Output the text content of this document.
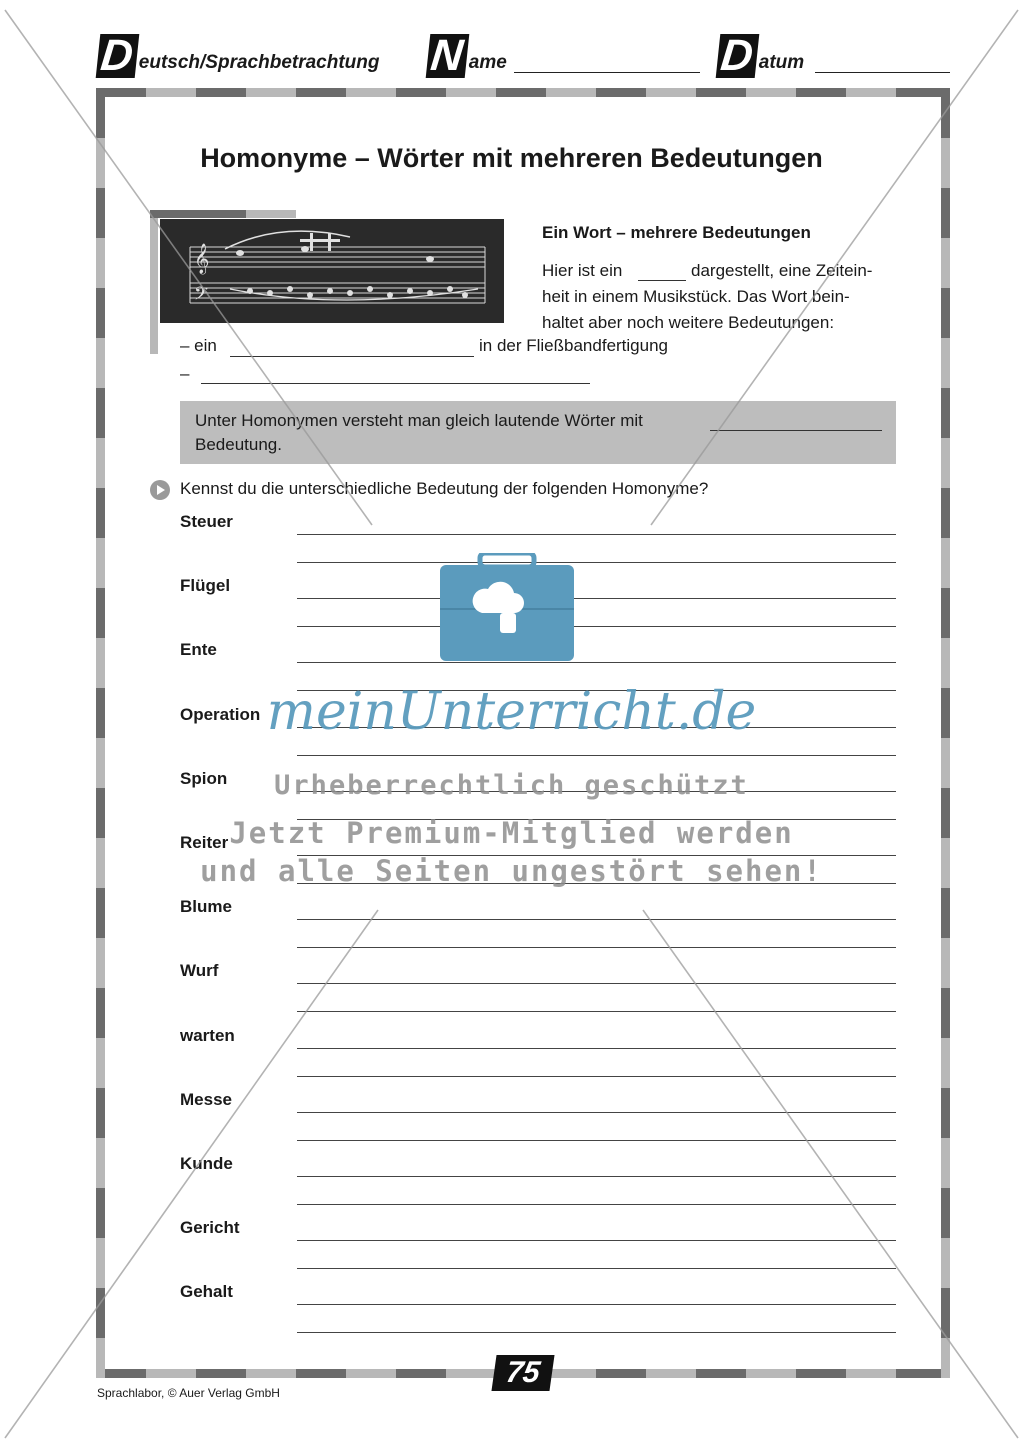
D eutsch/Sprachbetrachtung N ame	D atum
Homonyme – Wörter mit mehreren Bedeutungen
𝄞
𝄢
Ein Wort – mehrere Bedeutungen
Hier ist ein	dargestellt, eine Zeitein-
heit in einem Musikstück. Das Wort bein-
haltet aber noch weitere Bedeutungen:
– ein	in der Fließbandfertigung
–
Unter Homonymen versteht man gleich lautende Wörter mit
Bedeutung.
Kennst du die unterschiedliche Bedeutung der folgenden Homonyme?
Steuer
Flügel
Ente
Operation
Spion
Reiter
Blume
Wurf
warten
Messe
Kunde
Gericht
Gehalt
meinUnterricht.de
Urheberrechtlich geschützt
Jetzt Premium-Mitglied werden
und alle Seiten ungestört sehen!
75
Sprachlabor, © Auer Verlag GmbH
